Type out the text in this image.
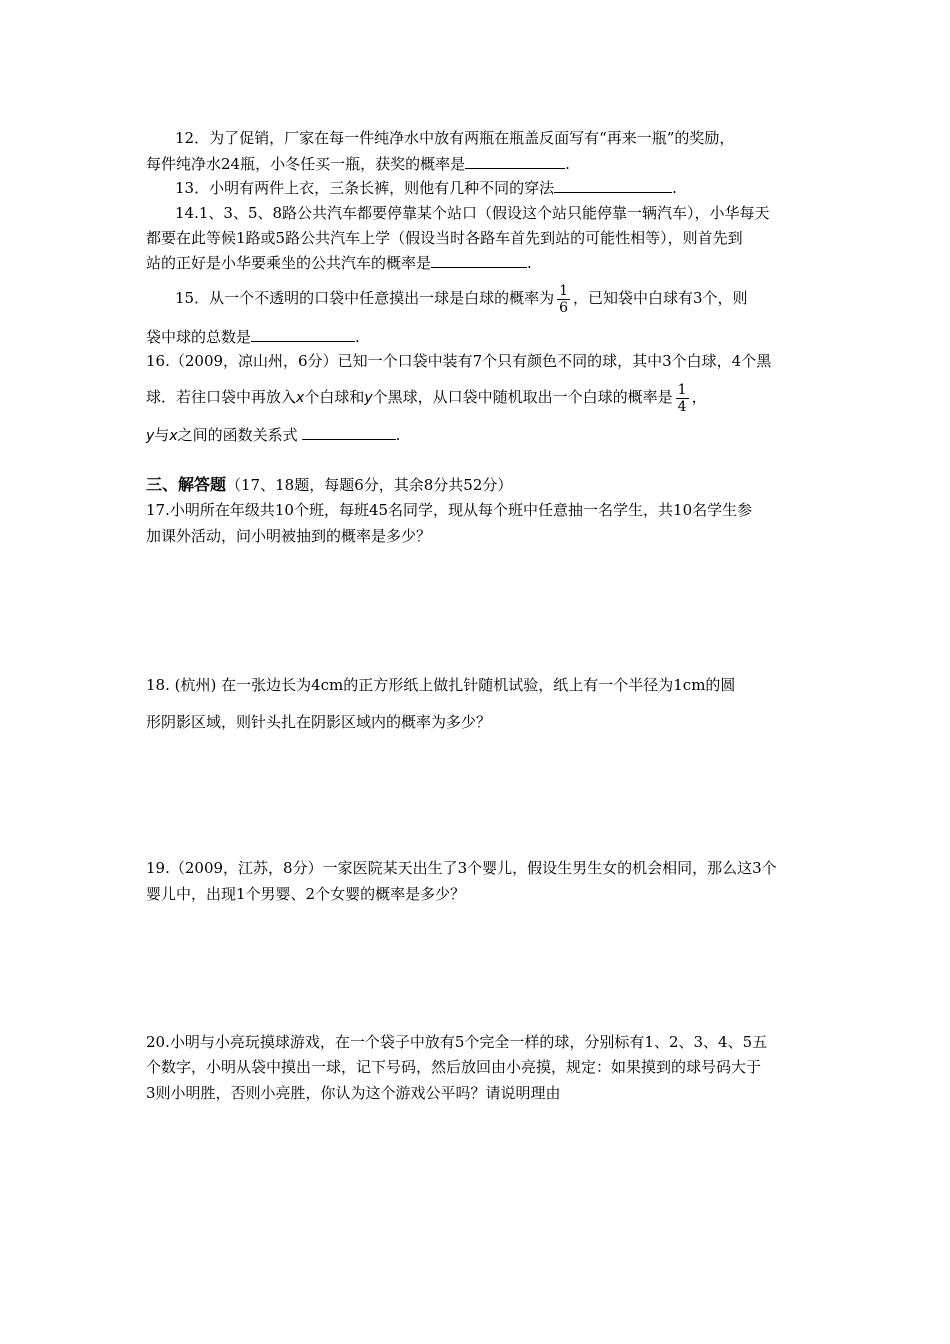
12．为了促销，厂家在每一件纯净水中放有两瓶在瓶盖反面写有“再来一瓶”的奖励，
每件纯净水24瓶，小冬任买一瓶，获奖的概率是	.
13．小明有两件上衣，三条长裤，则他有几种不同的穿法	.
14.1、3、5、8路公共汽车都要停靠某个站口（假设这个站只能停靠一辆汽车），小华每天
都要在此等候1路或5路公共汽车上学（假设当时各路车首先到站的可能性相等），则首先到
站的正好是小华要乘坐的公共汽车的概率是	.
15．从一个不透明的口袋中任意摸出一球是白球的概率为 $\frac{1}{6}$ ，已知袋中白球有3个，则
袋中球的总数是	.
16.（2009，凉山州，6分）已知一个口袋中装有7个只有颜色不同的球，其中3个白球，4个黑
球．若往口袋中再放入x个白球和y个黑球，从口袋中随机取出一个白球的概率是 $\frac{1}{4}$ ，
y与x之间的函数关系式	.
三、解答题（17、18题，每题6分，其余8分共52分）
17.小明所在年级共10个班，每班45名同学，现从每个班中任意抽一名学生，共10名学生参
加课外活动，问小明被抽到的概率是多少？
18. (杭州) 在一张边长为4cm的正方形纸上做扎针随机试验，纸上有一个半径为1cm的圆
形阴影区域，则针头扎在阴影区域内的概率为多少？
19.（2009，江苏，8分）一家医院某天出生了3个婴儿，假设生男生女的机会相同，那么这3个
婴儿中，出现1个男婴、2个女婴的概率是多少？
20.小明与小亮玩摸球游戏，在一个袋子中放有5个完全一样的球，分别标有1、2、3、4、5五
个数字，小明从袋中摸出一球，记下号码，然后放回由小亮摸，规定：如果摸到的球号码大于
3则小明胜，否则小亮胜，你认为这个游戏公平吗？请说明理由
